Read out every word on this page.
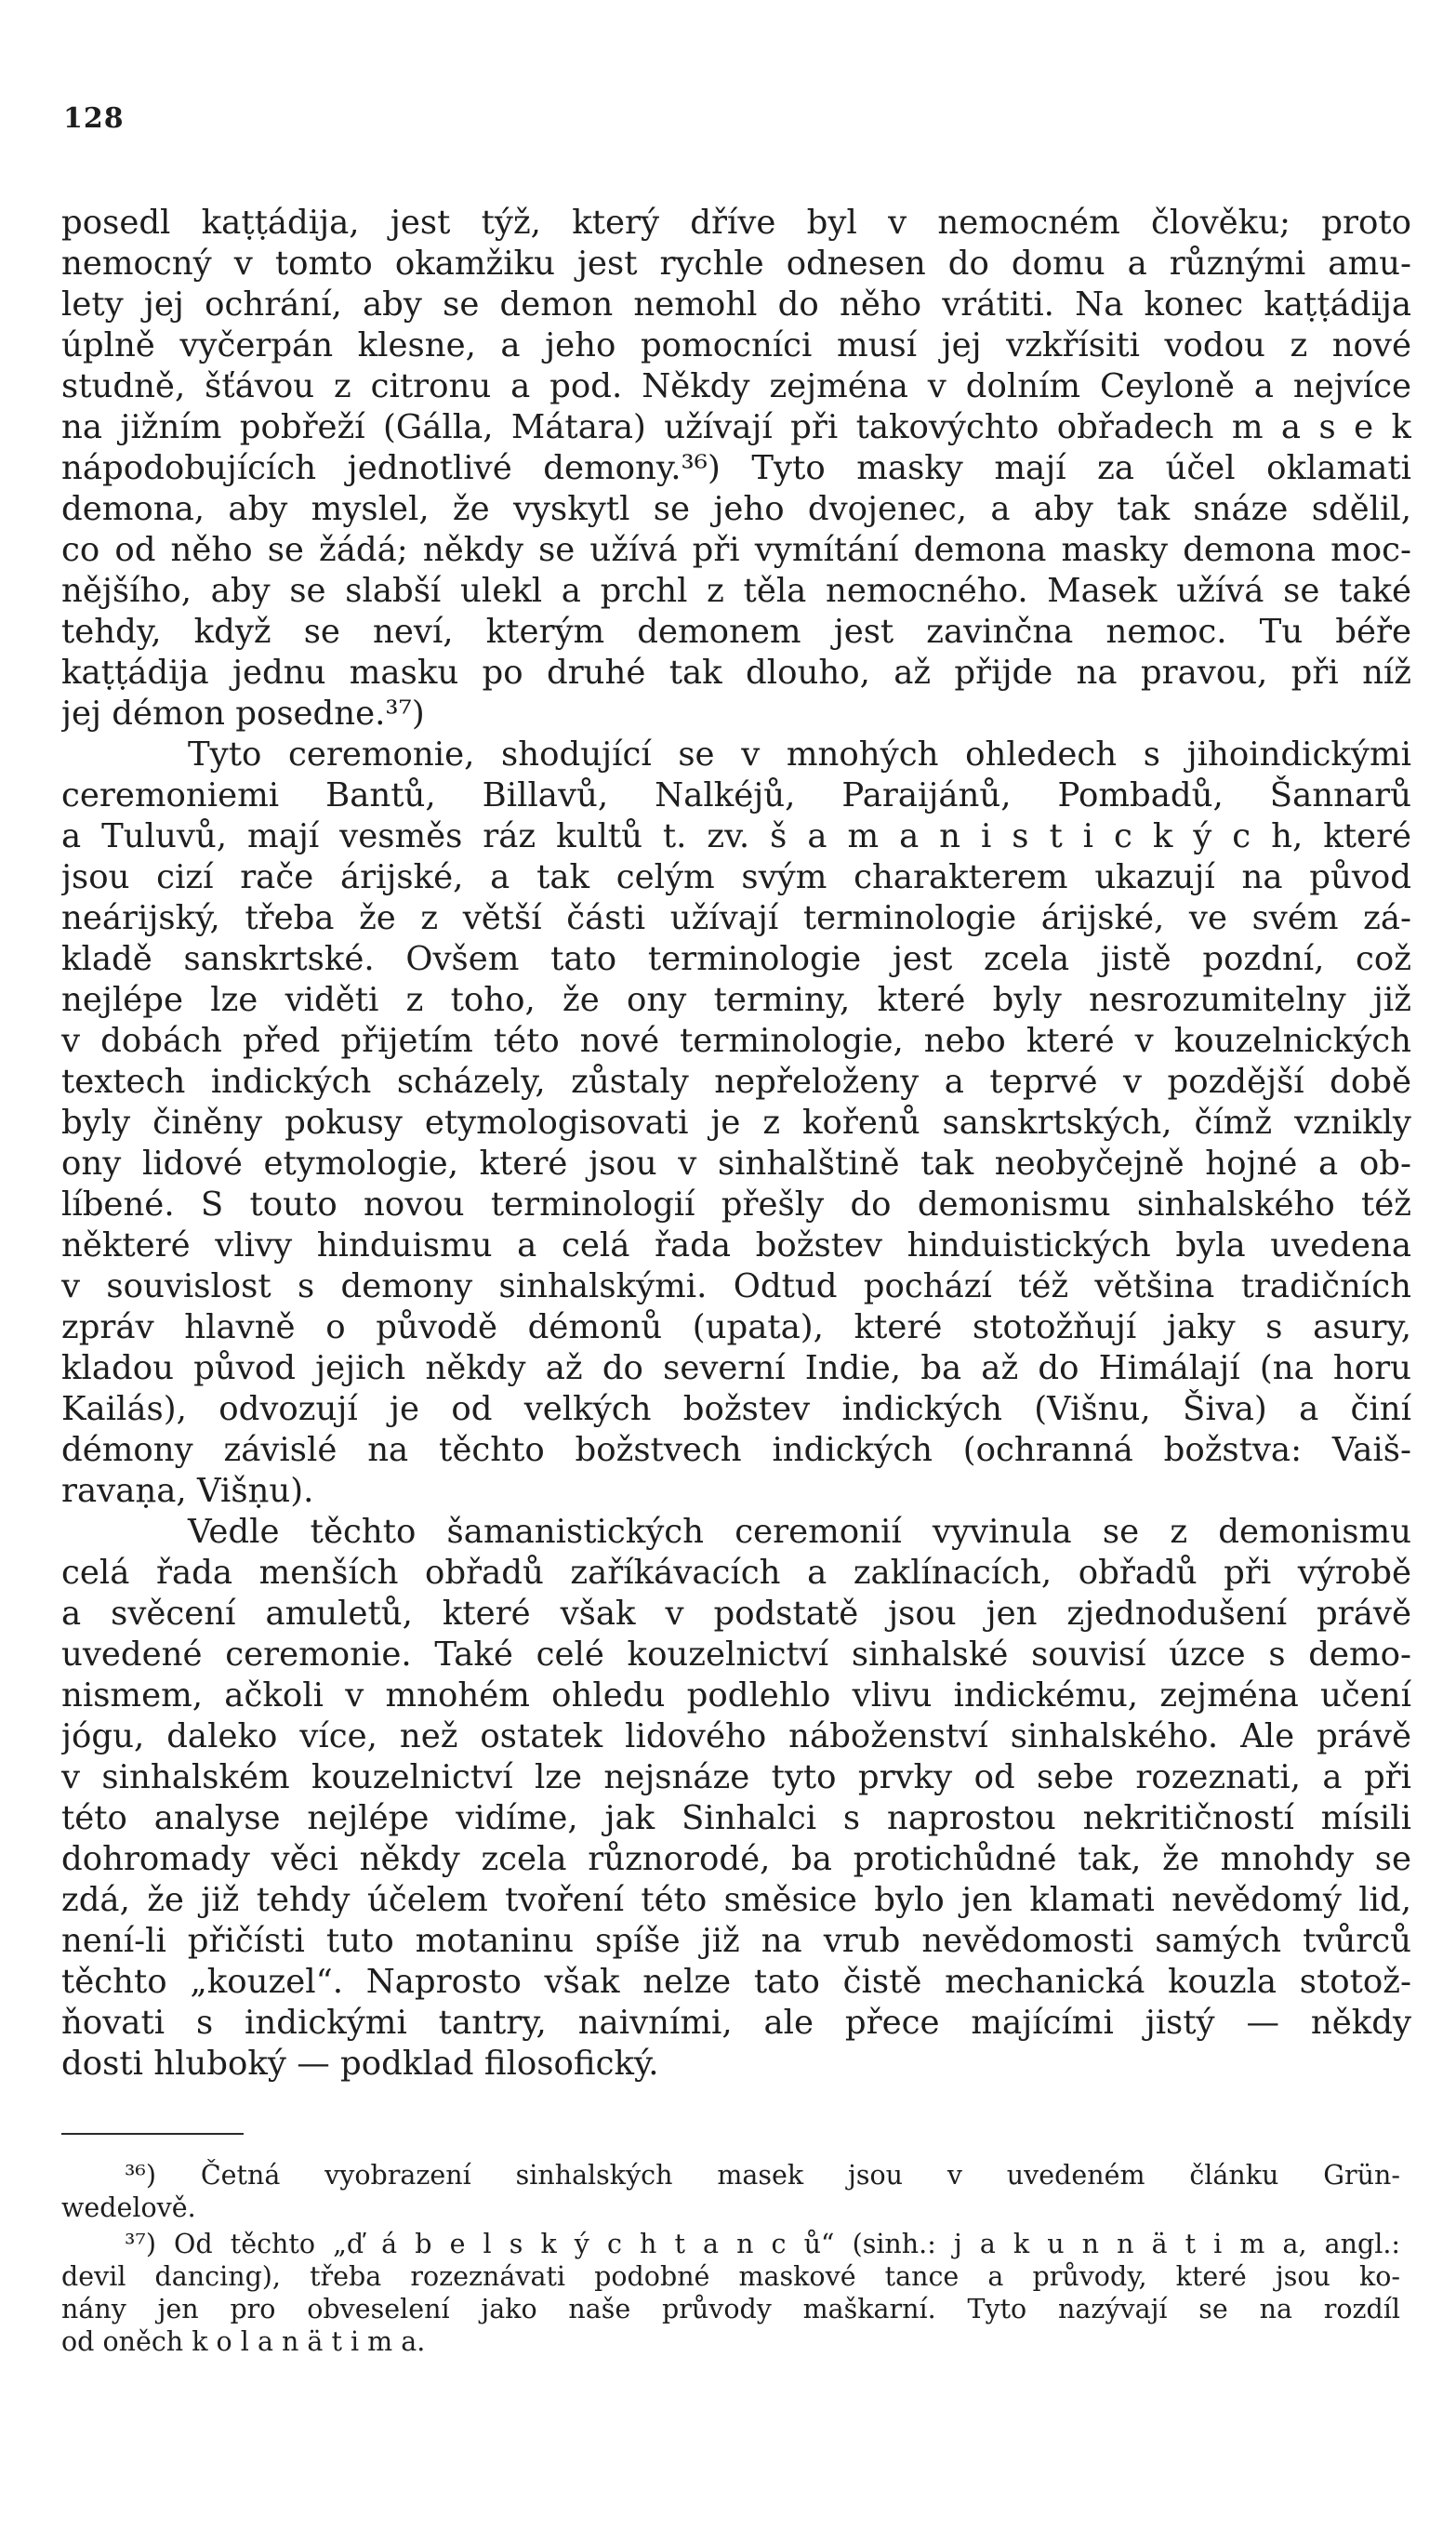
128
posedl kaṭṭádija, jest týž, který dříve byl v nemocném člověku; proto
nemocný v tomto okamžiku jest rychle odnesen do domu a různými amu-
lety jej ochrání, aby se demon nemohl do něho vrátiti. Na konec kaṭṭádija
úplně vyčerpán klesne, a jeho pomocníci musí jej vzkřísiti vodou z nové
studně, šťávou z citronu a pod. Někdy zejména v dolním Ceyloně a nejvíce
na jižním pobřeží (Gálla, Mátara) užívají při takovýchto obřadech m a s e k
nápodobujících jednotlivé demony.³⁶) Tyto masky mají za účel oklamati
demona, aby myslel, že vyskytl se jeho dvojenec, a aby tak snáze sdělil,
co od něho se žádá; někdy se užívá při vymítání demona masky demona moc-
nějšího, aby se slabší ulekl a prchl z těla nemocného. Masek užívá se také
tehdy, když se neví, kterým demonem jest zavinčna nemoc. Tu béře
kaṭṭádija jednu masku po druhé tak dlouho, až přijde na pravou, při níž
jej démon posedne.³⁷)
Tyto ceremonie, shodující se v mnohých ohledech s jihoindickými
ceremoniemi Bantů, Billavů, Nalkéjů, Paraijánů, Pombadů, Šannarů
a Tuluvů, mají vesměs ráz kultů t. zv. š a m a n i s t i c k ý c h, které
jsou cizí rače árijské, a tak celým svým charakterem ukazují na původ
neárijský, třeba že z větší části užívají terminologie árijské, ve svém zá-
kladě sanskrtské. Ovšem tato terminologie jest zcela jistě pozdní, což
nejlépe lze viděti z toho, že ony terminy, které byly nesrozumitelny již
v dobách před přijetím této nové terminologie, nebo které v kouzelnických
textech indických scházely, zůstaly nepřeloženy a teprvé v pozdější době
byly činěny pokusy etymologisovati je z kořenů sanskrtských, čímž vznikly
ony lidové etymologie, které jsou v sinhalštině tak neobyčejně hojné a ob-
líbené. S touto novou terminologií přešly do demonismu sinhalského též
některé vlivy hinduismu a celá řada božstev hinduistických byla uvedena
v souvislost s demony sinhalskými. Odtud pochází též většina tradičních
zpráv hlavně o původě démonů (upata), které stotožňují jaky s asury,
kladou původ jejich někdy až do severní Indie, ba až do Himálají (na horu
Kailás), odvozují je od velkých božstev indických (Višnu, Šiva) a činí
démony závislé na těchto božstvech indických (ochranná božstva: Vaiš-
ravaṇa, Višṇu).
Vedle těchto šamanistických ceremonií vyvinula se z demonismu
celá řada menších obřadů zaříkávacích a zaklínacích, obřadů při výrobě
a svěcení amuletů, které však v podstatě jsou jen zjednodušení právě
uvedené ceremonie. Také celé kouzelnictví sinhalské souvisí úzce s demo-
nismem, ačkoli v mnohém ohledu podlehlo vlivu indickému, zejména učení
jógu, daleko více, než ostatek lidového náboženství sinhalského. Ale právě
v sinhalském kouzelnictví lze nejsnáze tyto prvky od sebe rozeznati, a při
této analyse nejlépe vidíme, jak Sinhalci s naprostou nekritičností mísili
dohromady věci někdy zcela různorodé, ba protichůdné tak, že mnohdy se
zdá, že již tehdy účelem tvoření této směsice bylo jen klamati nevědomý lid,
není-li přičísti tuto motaninu spíše již na vrub nevědomosti samých tvůrců
těchto „kouzel“. Naprosto však nelze tato čistě mechanická kouzla stotož-
ňovati s indickými tantry, naivními, ale přece majícími jistý — někdy
dosti hluboký — podklad filosofický.
³⁶) Četná vyobrazení sinhalských masek jsou v uvedeném článku Grün-
wedelově.
³⁷) Od těchto „ď á b e l s k ý c h t a n c ů“ (sinh.: j a k u n n ä t i m a, angl.:
devil dancing), třeba rozeznávati podobné maskové tance a průvody, které jsou ko-
nány jen pro obveselení jako naše průvody maškarní. Tyto nazývají se na rozdíl
od oněch k o l a n ä t i m a.
